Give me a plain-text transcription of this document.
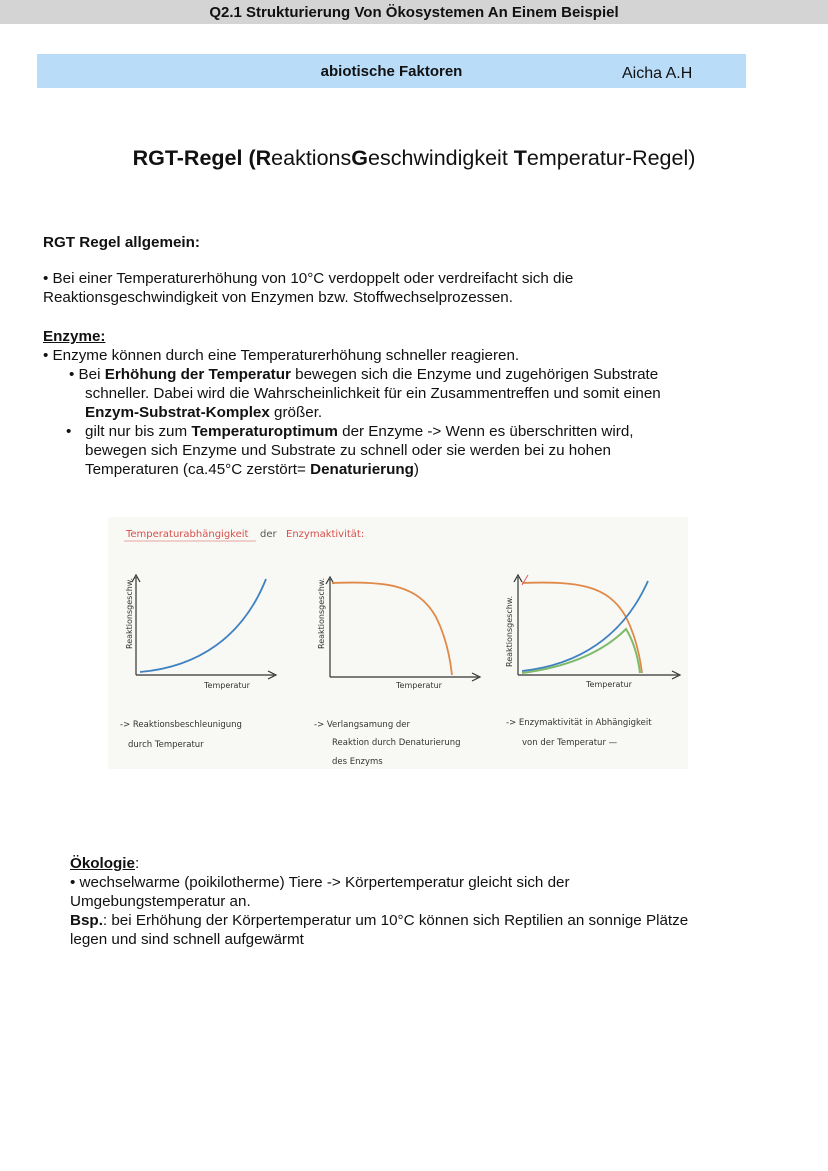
Q2.1 Strukturierung Von Ökosystemen An Einem Beispiel
abiotische Faktoren	Aicha A.H
RGT-Regel (ReaktionsGeschwindigkeit Temperatur-Regel)
RGT Regel allgemein:
• Bei einer Temperaturerhöhung von 10°C verdoppelt oder verdreifacht sich die
Reaktionsgeschwindigkeit von Enzymen bzw. Stoffwechselprozessen.
Enzyme:
• Enzyme können durch eine Temperaturerhöhung schneller reagieren.
• Bei Erhöhung der Temperatur bewegen sich die Enzyme und zugehörigen Substrate
schneller. Dabei wird die Wahrscheinlichkeit für ein Zusammentreffen und somit einen
Enzym-Substrat-Komplex größer.
• gilt nur bis zum Temperaturoptimum der Enzyme -> Wenn es überschritten wird,
bewegen sich Enzyme und Substrate zu schnell oder sie werden bei zu hohen
Temperaturen (ca.45°C zerstört= Denaturierung)
Temperaturabhängigkeit der Enzymaktivität:
Reaktionsgeschw.
Temperatur
Reaktionsgeschw.
Temperatur
Reaktionsgeschw.
Temperatur
-> Reaktionsbeschleunigung
durch Temperatur
-> Verlangsamung der
Reaktion durch Denaturierung
des Enzyms
-> Enzymaktivität in Abhängigkeit
von der Temperatur —
Ökologie:
• wechselwarme (poikilotherme) Tiere -> Körpertemperatur gleicht sich der
Umgebungstemperatur an.
Bsp.: bei Erhöhung der Körpertemperatur um 10°C können sich Reptilien an sonnige Plätze
legen und sind schnell aufgewärmt
